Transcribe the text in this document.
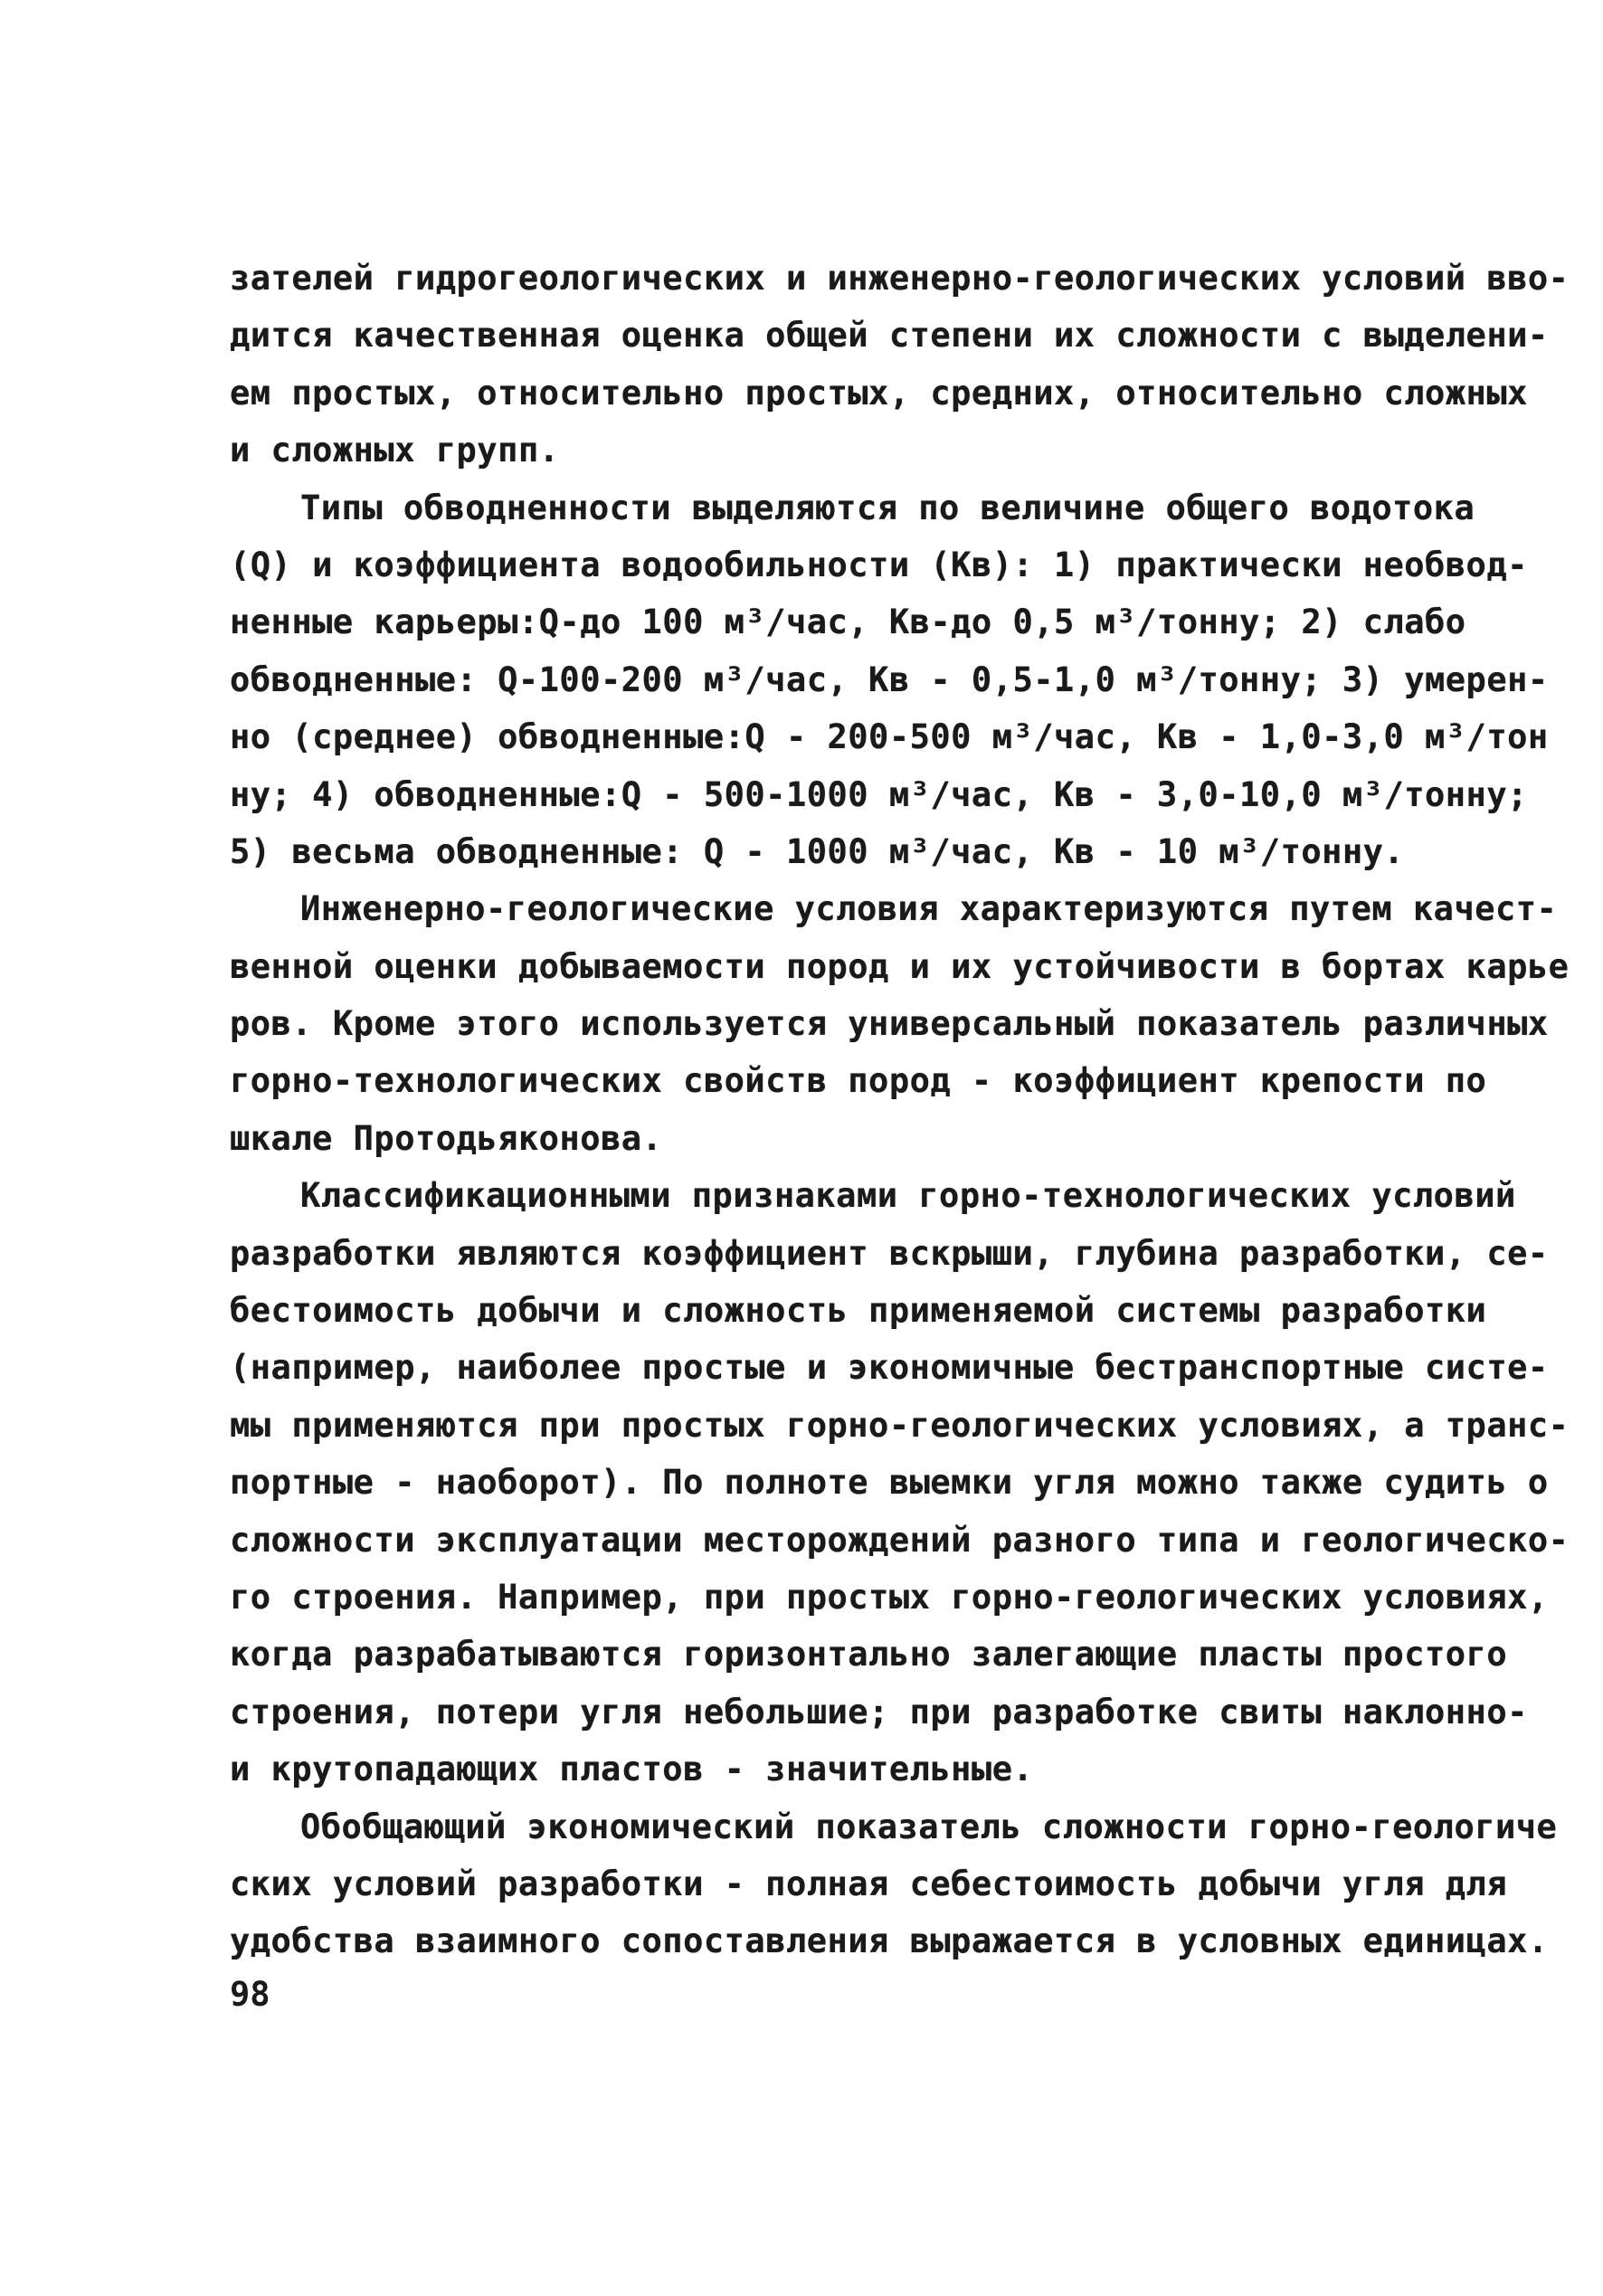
зателей гидрогеологических и инженерно-геологических условий вво-
дится качественная оценка общей степени их сложности с выделени-
ем простых, относительно простых, средних, относительно сложных
и сложных групп.
Типы обводненности выделяются по величине общего водотока
(Q) и коэффициента водообильности (Kв): 1) практически необвод-
ненные карьеры:Q-до 100 м³/час, Кв-до 0,5 м³/тонну; 2) слабо
обводненные: Q-100-200 м³/час, Кв - 0,5-1,0 м³/тонну; 3) умерен-
но (среднее) обводненные:Q - 200-500 м³/час, Кв - 1,0-3,0 м³/тон
ну; 4) обводненные:Q - 500-1000 м³/час, Кв - 3,0-10,0 м³/тонну;
5) весьма обводненные: Q - 1000 м³/час, Кв - 10 м³/тонну.
Инженерно-геологические условия характеризуются путем качест-
венной оценки добываемости пород и их устойчивости в бортах карье
ров. Кроме этого используется универсальный показатель различных
горно-технологических свойств пород - коэффициент крепости по
шкале Протодьяконова.
Классификационными признаками горно-технологических условий
разработки являются коэффициент вскрыши, глубина разработки, се-
бестоимость добычи и сложность применяемой системы разработки
(например, наиболее простые и экономичные бестранспортные систе-
мы применяются при простых горно-геологических условиях, а транс-
портные - наоборот). По полноте выемки угля можно также судить о
сложности эксплуатации месторождений разного типа и геологическо-
го строения. Например, при простых горно-геологических условиях,
когда разрабатываются горизонтально залегающие пласты простого
строения, потери угля небольшие; при разработке свиты наклонно-
и крутопадающих пластов - значительные.
Обобщающий экономический показатель сложности горно-геологиче
ских условий разработки - полная себестоимость добычи угля для
удобства взаимного сопоставления выражается в условных единицах.
98
